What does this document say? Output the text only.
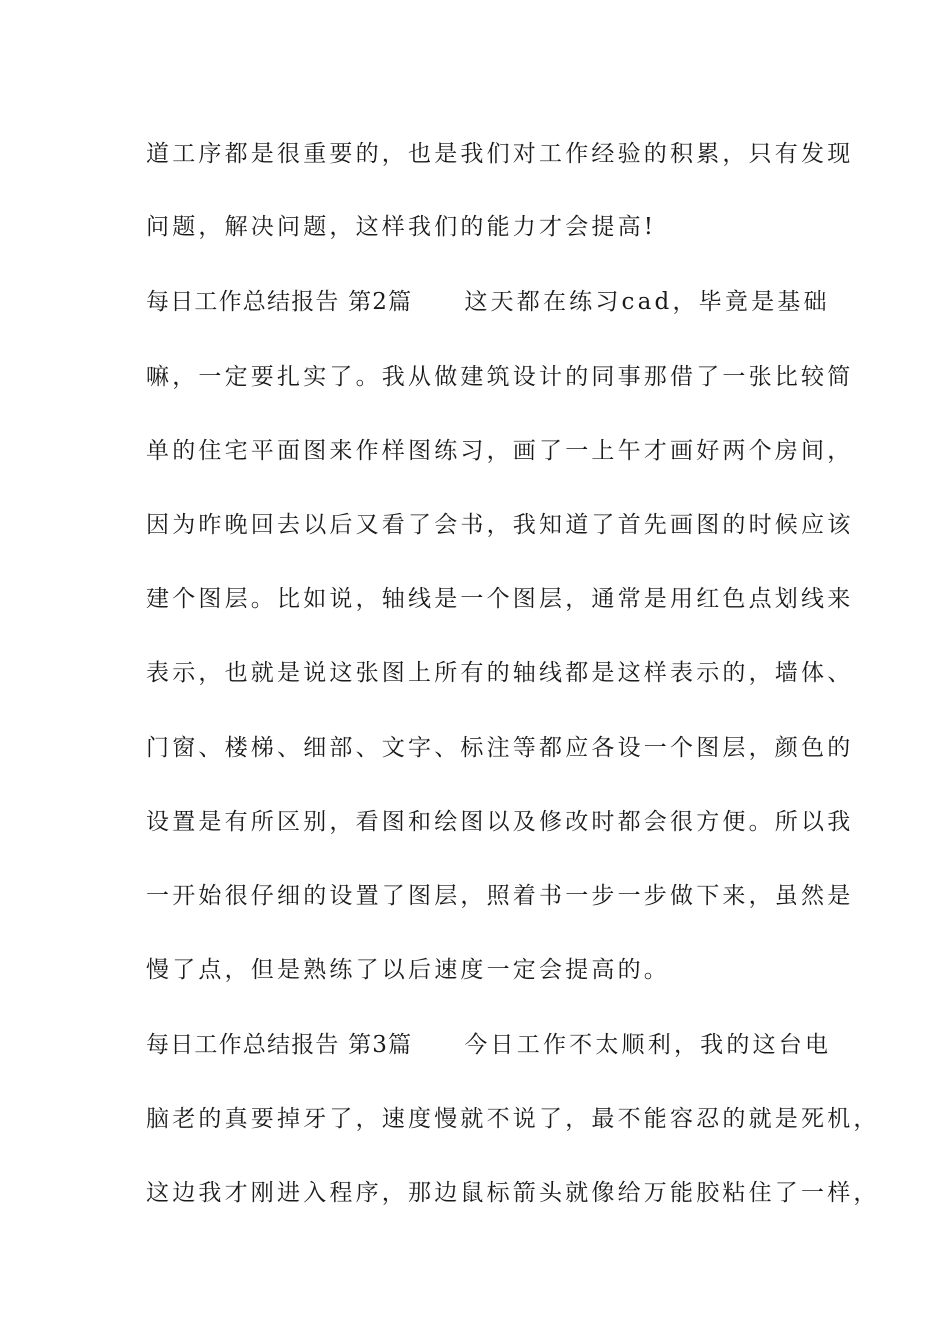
道工序都是很重要的，也是我们对工作经验的积累，只有发现
问题，解决问题，这样我们的能力才会提高!
每日工作总结报告 第2篇 这天都在练习cad，毕竟是基础
嘛，一定要扎实了。我从做建筑设计的同事那借了一张比较简
单的住宅平面图来作样图练习，画了一上午才画好两个房间，
因为昨晚回去以后又看了会书，我知道了首先画图的时候应该
建个图层。比如说，轴线是一个图层，通常是用红色点划线来
表示，也就是说这张图上所有的轴线都是这样表示的，墙体、
门窗、楼梯、细部、文字、标注等都应各设一个图层，颜色的
设置是有所区别，看图和绘图以及修改时都会很方便。所以我
一开始很仔细的设置了图层，照着书一步一步做下来，虽然是
慢了点，但是熟练了以后速度一定会提高的。
每日工作总结报告 第3篇 今日工作不太顺利，我的这台电
脑老的真要掉牙了，速度慢就不说了，最不能容忍的就是死机，
这边我才刚进入程序，那边鼠标箭头就像给万能胶粘住了一样，
